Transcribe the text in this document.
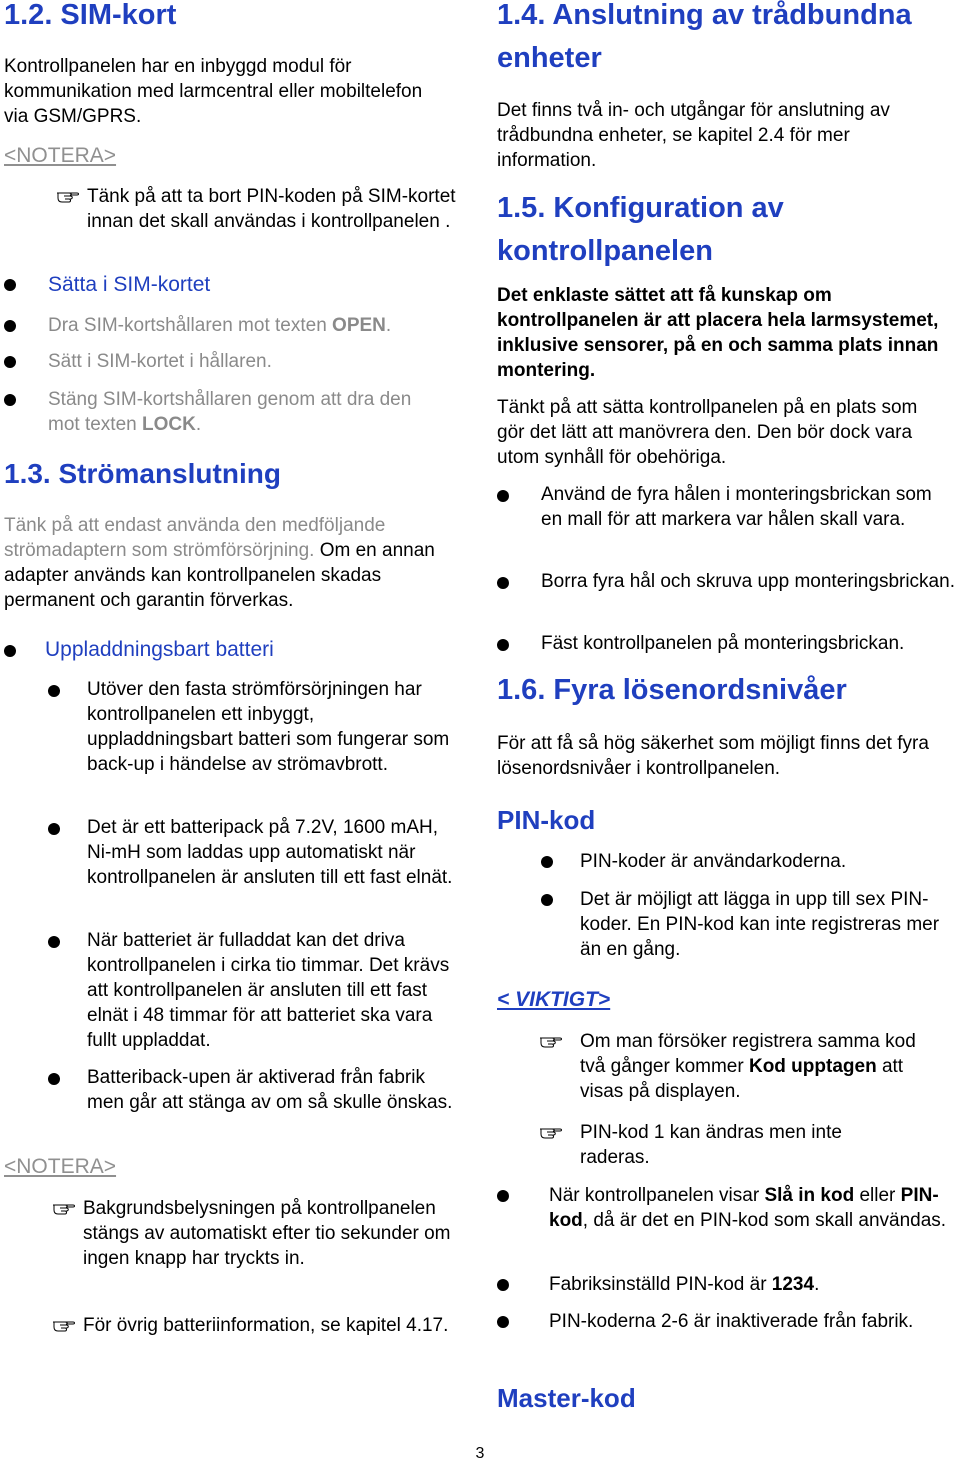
1.2. SIM-kort
Kontrollpanelen har en inbyggd modul för kommunikation med larmcentral eller mobiltelefon via GSM/GPRS.
<NOTERA>
Tänk på att ta bort PIN-koden på SIM-kortet innan det skall användas i kontrollpanelen .
Sätta i SIM-kortet
Dra SIM-kortshållaren mot texten OPEN.
Sätt i SIM-kortet i hållaren.
Stäng SIM-kortshållaren genom att dra den mot texten LOCK.
1.3. Strömanslutning
Tänk på att endast använda den medföljande strömadaptern som strömförsörjning. Om en annan adapter används kan kontrollpanelen skadas permanent och garantin förverkas.
Uppladdningsbart batteri
Utöver den fasta strömförsörjningen har kontrollpanelen ett inbyggt, uppladdningsbart batteri som fungerar som back-up i händelse av strömavbrott.
Det är ett batteripack på 7.2V, 1600 mAH, Ni-mH som laddas upp automatiskt när kontrollpanelen är ansluten till ett fast elnät.
När batteriet är fulladdat kan det driva kontrollpanelen i cirka tio timmar. Det krävs att kontrollpanelen är ansluten till ett fast elnät i 48 timmar för att batteriet ska vara fullt uppladdat.
Batteriback-upen är aktiverad från fabrik men går att stänga av om så skulle önskas.
<NOTERA>
Bakgrundsbelysningen på kontrollpanelen stängs av automatiskt efter tio sekunder om ingen knapp har tryckts in.
För övrig batteriinformation, se kapitel 4.17.
1.4. Anslutning av trådbundna enheter
Det finns två in- och utgångar för anslutning av trådbundna enheter, se kapitel 2.4 för mer information.
1.5. Konfiguration av kontrollpanelen
Det enklaste sättet att få kunskap om kontrollpanelen är att placera hela larmsystemet, inklusive sensorer, på en och samma plats innan montering.
Tänkt på att sätta kontrollpanelen på en plats som gör det lätt att manövrera den. Den bör dock vara utom synhåll för obehöriga.
Använd de fyra hålen i monteringsbrickan som en mall för att markera var hålen skall vara.
Borra fyra hål och skruva upp monteringsbrickan.
Fäst kontrollpanelen på monteringsbrickan.
1.6. Fyra lösenordsnivåer
För att få så hög säkerhet som möjligt finns det fyra lösenordsnivåer i kontrollpanelen.
PIN-kod
PIN-koder är användarkoderna.
Det är möjligt att lägga in upp till sex PIN-koder. En PIN-kod kan inte registreras mer än en gång.
< VIKTIGT>
Om man försöker registrera samma kod två gånger kommer Kod upptagen att visas på displayen.
PIN-kod 1 kan ändras men inte raderas.
När kontrollpanelen visar Slå in kod eller PIN-kod, då är det en PIN-kod som skall användas.
Fabriksinställd PIN-kod är 1234.
PIN-koderna 2-6 är inaktiverade från fabrik.
Master-kod
3
